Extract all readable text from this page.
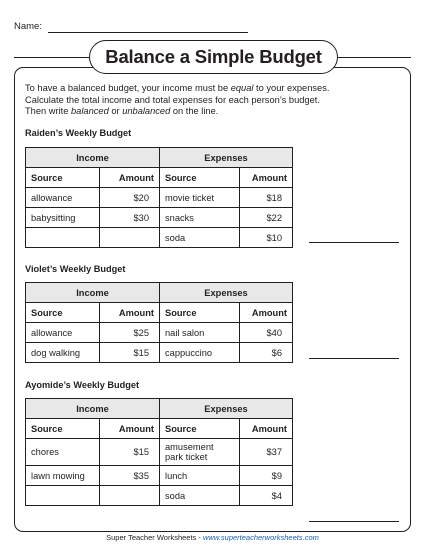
Name:
Balance a Simple Budget

To have a balanced budget, your income must be equal to your expenses.

Calculate the total income and total expenses for each person’s budget.

Then write balanced or unbalanced on the line.

Raiden’s Weekly Budget
Income		Expenses	
Source	Amount	Source	Amount
allowance	$20	movie ticket	$18
babysitting	$30	snacks	$22
		soda	$10
Violet’s Weekly Budget
Income		Expenses	
Source	Amount	Source	Amount
allowance	$25	nail salon	$40
dog walking	$15	cappuccino	$6
Ayomide’s Weekly Budget
Income		Expenses	
Source	Amount	Source	Amount
chores	$15	amusement park ticket	$37
lawn mowing	$35	lunch	$9
		soda	$4
Super Teacher Worksheets - www.superteacherworksheets.com
